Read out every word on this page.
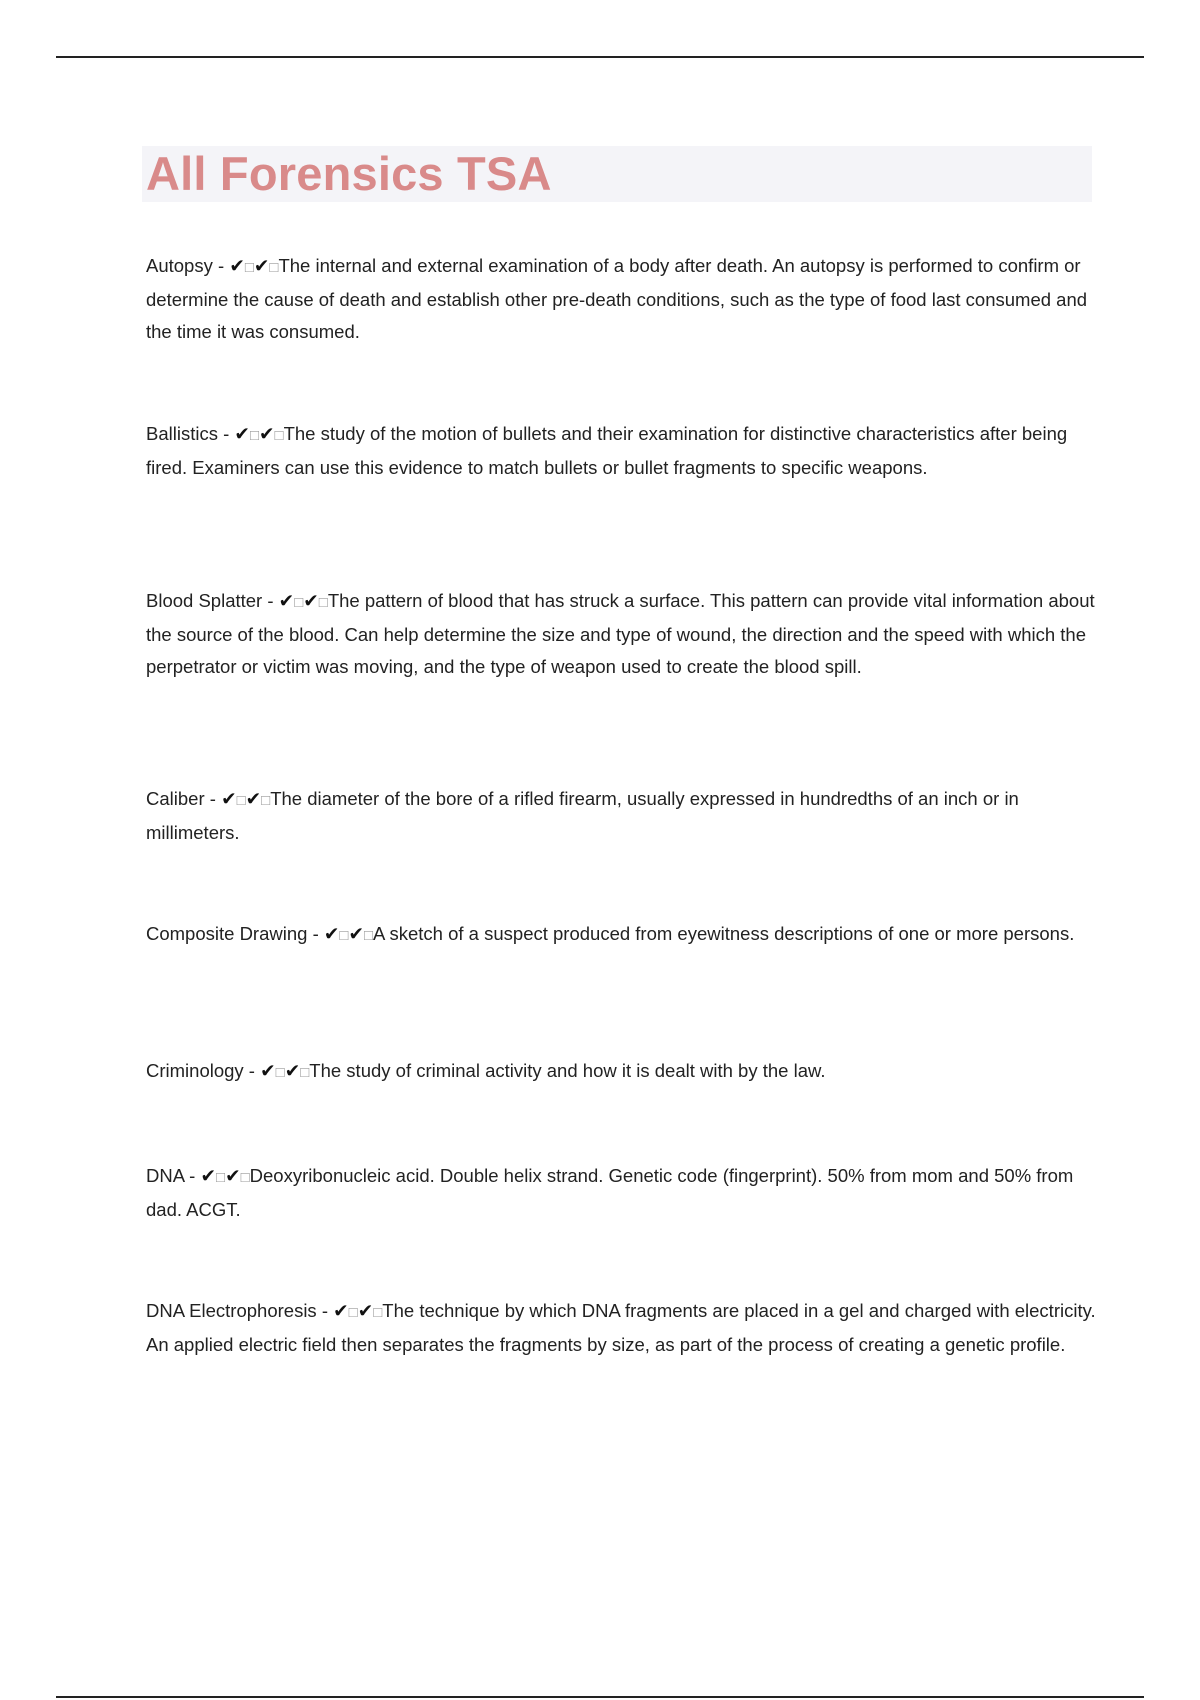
All Forensics TSA

Autopsy - ✔□✔□The internal and external examination of a body after death. An autopsy is performed to confirm or determine the cause of death and establish other pre-death conditions, such as the type of food last consumed and the time it was consumed.

Ballistics - ✔□✔□The study of the motion of bullets and their examination for distinctive characteristics after being fired. Examiners can use this evidence to match bullets or bullet fragments to specific weapons.

Blood Splatter - ✔□✔□The pattern of blood that has struck a surface. This pattern can provide vital information about the source of the blood. Can help determine the size and type of wound, the direction and the speed with which the perpetrator or victim was moving, and the type of weapon used to create the blood spill.

Caliber - ✔□✔□The diameter of the bore of a rifled firearm, usually expressed in hundredths of an inch or in millimeters.

Composite Drawing - ✔□✔□A sketch of a suspect produced from eyewitness descriptions of one or more persons.

Criminology - ✔□✔□The study of criminal activity and how it is dealt with by the law.

DNA - ✔□✔□Deoxyribonucleic acid. Double helix strand. Genetic code (fingerprint). 50% from mom and 50% from dad. ACGT.

DNA Electrophoresis - ✔□✔□The technique by which DNA fragments are placed in a gel and charged with electricity. An applied electric field then separates the fragments by size, as part of the process of creating a genetic profile.
